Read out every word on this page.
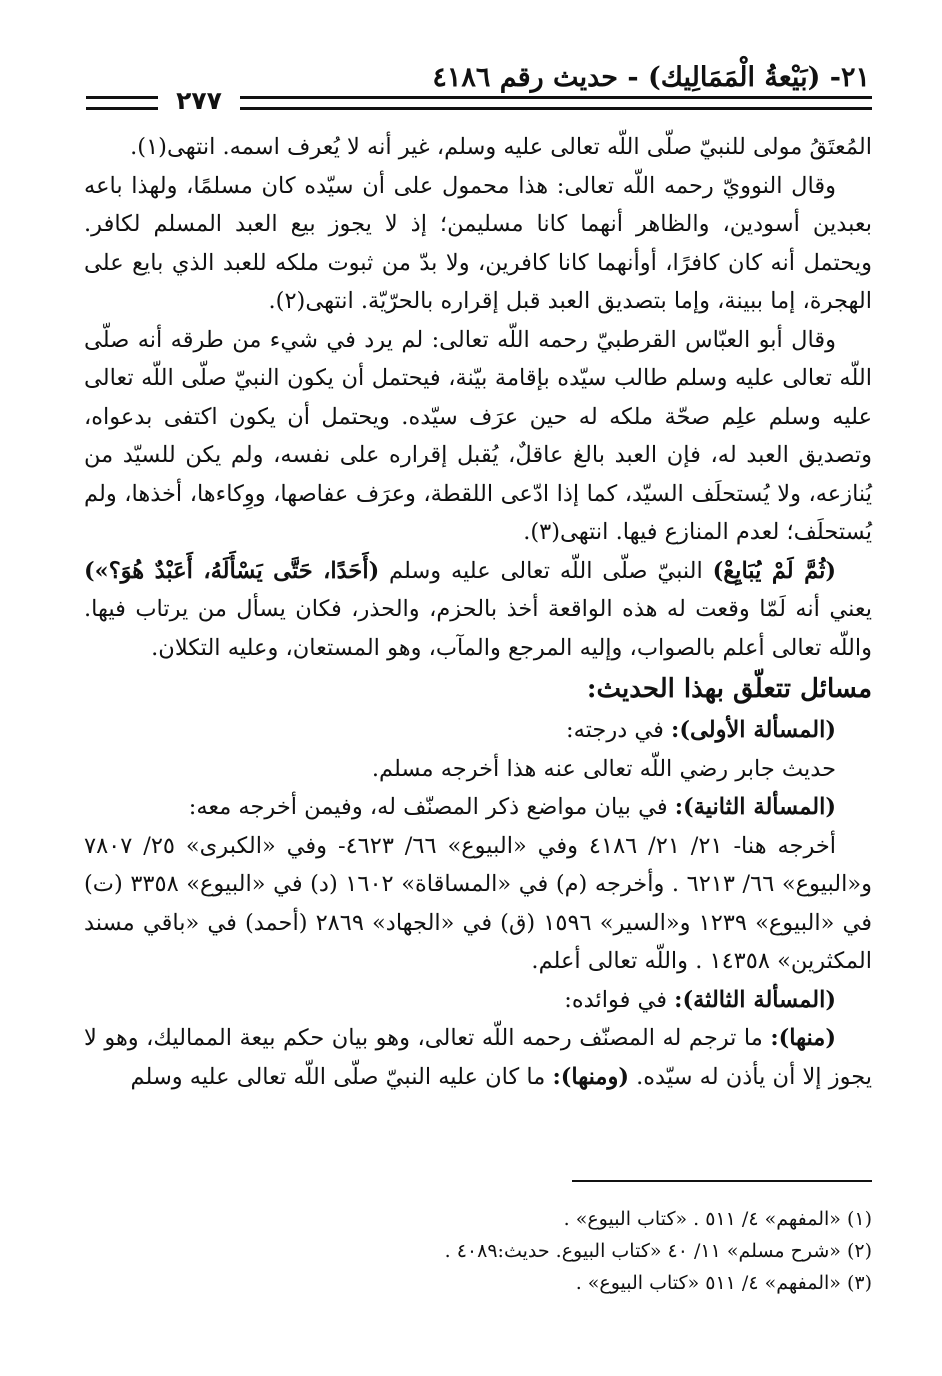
٢١- (بَيْعةُ الْمَمَالِيك) - حديث رقم ٤١٨٦
٢٧٧

المُعتَقُ مولى للنبيّ صلّى اللّه تعالى عليه وسلم، غير أنه لا يُعرف اسمه. انتهى(١).

وقال النوويّ رحمه اللّه تعالى: هذا محمول على أن سيّده كان مسلمًا، ولهذا باعه بعبدين أسودين، والظاهر أنهما كانا مسليمن؛ إذ لا يجوز بيع العبد المسلم لكافر. ويحتمل أنه كان كافرًا، أوأنهما كانا كافرين، ولا بدّ من ثبوت ملكه للعبد الذي بايع على الهجرة، إما ببينة، وإما بتصديق العبد قبل إقراره بالحرّيّة. انتهى(٢).

وقال أبو العبّاس القرطبيّ رحمه اللّه تعالى: لم يرد في شيء من طرقه أنه صلّى اللّه تعالى عليه وسلم طالب سيّده بإقامة بيّنة، فيحتمل أن يكون النبيّ صلّى اللّه تعالى عليه وسلم علِم صحّة ملكه له حين عرَف سيّده. ويحتمل أن يكون اكتفى بدعواه، وتصديق العبد له، فإن العبد بالغ عاقلٌ، يُقبل إقراره على نفسه، ولم يكن للسيّد من يُنازعه، ولا يُستحلَف السيّد، كما إذا ادّعى اللقطة، وعرَف عفاصها، ووِكاءها، أخذها، ولم يُستحلَف؛ لعدم المنازع فيها. انتهى(٣).

(ثُمَّ لَمْ يُبَايِعْ) النبيّ صلّى اللّه تعالى عليه وسلم (أَحَدًا، حَتَّى يَسْأَلَهُ، أَعَبْدٌ هُوَ؟») يعني أنه لَمّا وقعت له هذه الواقعة أخذ بالحزم، والحذر، فكان يسأل من يرتاب فيها. واللّه تعالى أعلم بالصواب، وإليه المرجع والمآب، وهو المستعان، وعليه التكلان.

مسائل تتعلّق بهذا الحديث:

(المسألة الأولى): في درجته:

حديث جابر رضي اللّه تعالى عنه هذا أخرجه مسلم.

(المسألة الثانية): في بيان مواضع ذكر المصنّف له، وفيمن أخرجه معه:

أخرجه هنا- ٢١/ ٢١/ ٤١٨٦ وفي «البيوع» ٦٦/ ٤٦٢٣- وفي «الكبرى» ٢٥/ ٧٨٠٧ و«البيوع» ٦٦/ ٦٢١٣ . وأخرجه (م) في «المساقاة» ١٦٠٢ (د) في «البيوع» ٣٣٥٨ (ت) في «البيوع» ١٢٣٩ و«السير» ١٥٩٦ (ق) في «الجهاد» ٢٨٦٩ (أحمد) في «باقي مسند المكثرين» ١٤٣٥٨ . واللّه تعالى أعلم.

(المسألة الثالثة): في فوائده:

(منها): ما ترجم له المصنّف رحمه اللّه تعالى، وهو بيان حكم بيعة المماليك، وهو لا يجوز إلا أن يأذن له سيّده. (ومنها): ما كان عليه النبيّ صلّى اللّه تعالى عليه وسلم

(١) «المفهم» ٤/ ٥١١ . «كتاب البيوع» .

(٢) «شرح مسلم» ١١/ ٤٠ «كتاب البيوع. حديث:٤٠٨٩ .

(٣) «المفهم» ٤/ ٥١١ «كتاب البيوع» .
